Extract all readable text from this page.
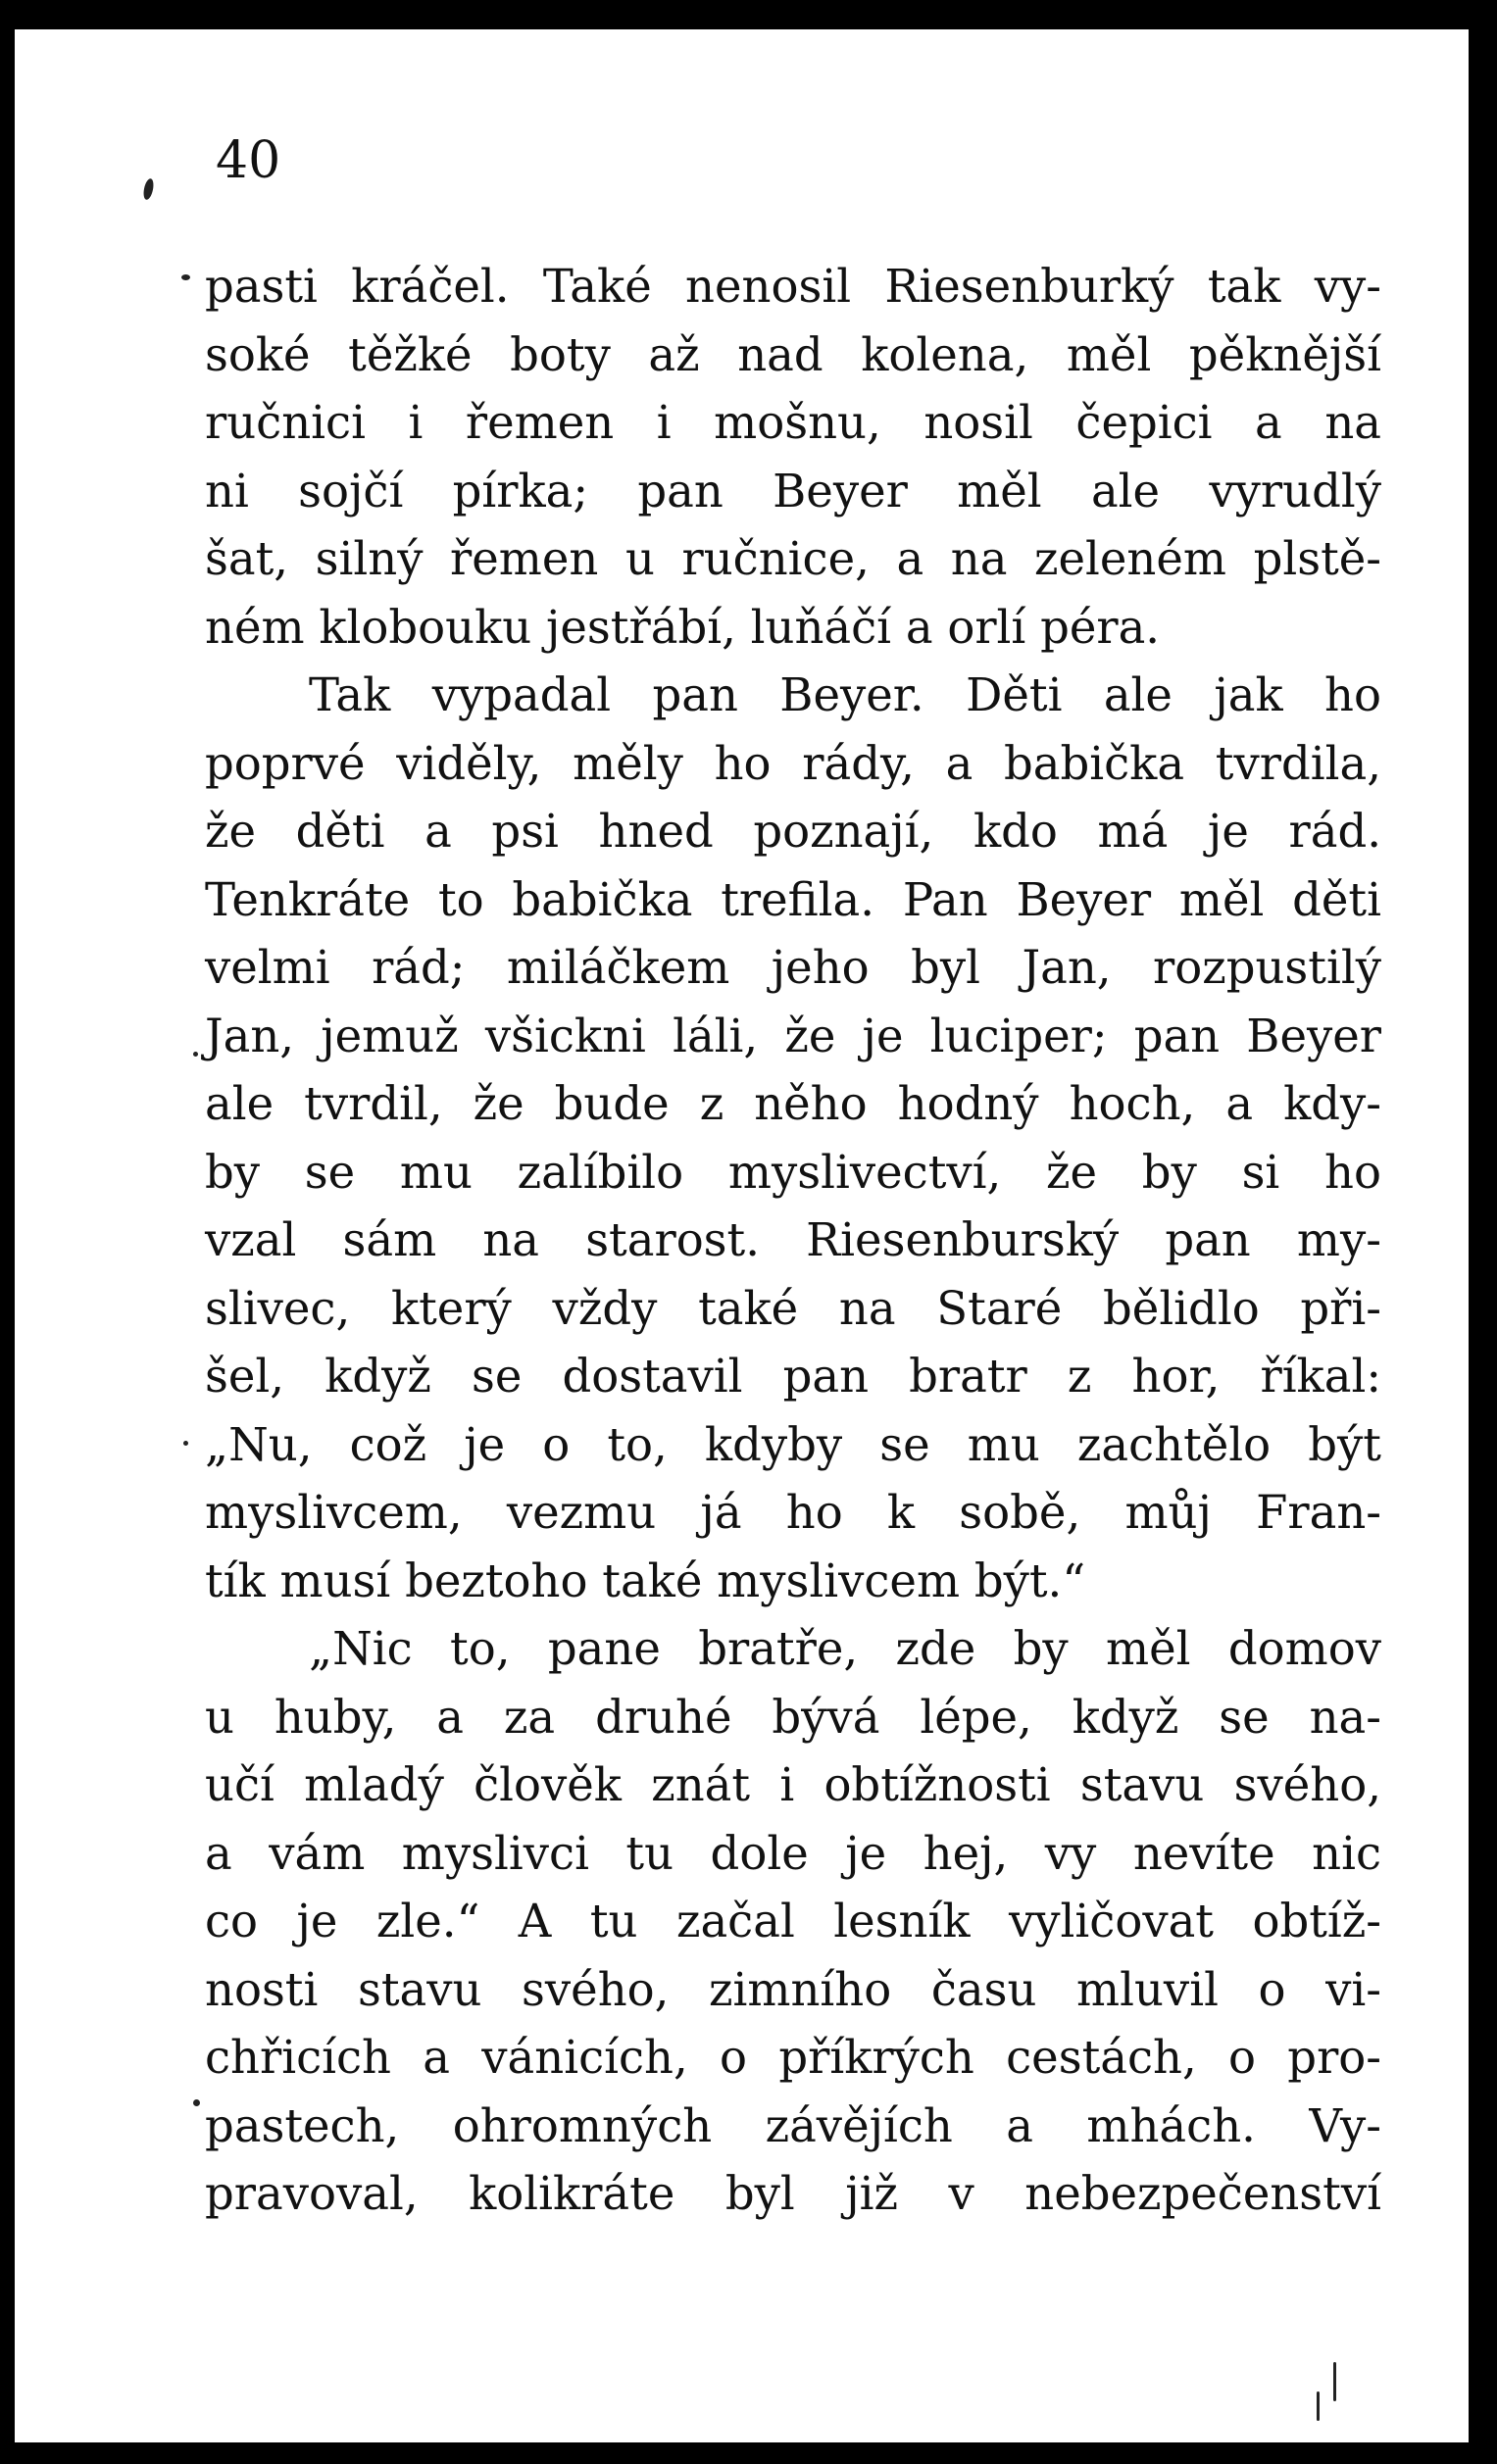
40
pasti kráčel. Také nenosil Riesenburký tak vy-
soké těžké boty až nad kolena, měl pěknější
ručnici i řemen i mošnu, nosil čepici a na
ni sojčí pírka; pan Beyer měl ale vyrudlý
šat, silný řemen u ručnice, a na zeleném plstě-
ném klobouku jestřábí, luňáčí a orlí péra.
Tak vypadal pan Beyer. Děti ale jak ho
poprvé viděly, měly ho rády, a babička tvrdila,
že děti a psi hned poznají, kdo má je rád.
Tenkráte to babička trefila. Pan Beyer měl děti
velmi rád; miláčkem jeho byl Jan, rozpustilý
Jan, jemuž všickni láli, že je luciper; pan Beyer
ale tvrdil, že bude z něho hodný hoch, a kdy-
by se mu zalíbilo myslivectví, že by si ho
vzal sám na starost. Riesenburský pan my-
slivec, který vždy také na Staré bělidlo při-
šel, když se dostavil pan bratr z hor, říkal:
„Nu, což je o to, kdyby se mu zachtělo být
myslivcem, vezmu já ho k sobě, můj Fran-
tík musí beztoho také myslivcem být.“
„Nic to, pane bratře, zde by měl domov
u huby, a za druhé bývá lépe, když se na-
učí mladý člověk znát i obtížnosti stavu svého,
a vám myslivci tu dole je hej, vy nevíte nic
co je zle.“ A tu začal lesník vyličovat obtíž-
nosti stavu svého, zimního času mluvil o vi-
chřicích a vánicích, o příkrých cestách, o pro-
pastech, ohromných závějích a mhách. Vy-
pravoval, kolikráte byl již v nebezpečenství
